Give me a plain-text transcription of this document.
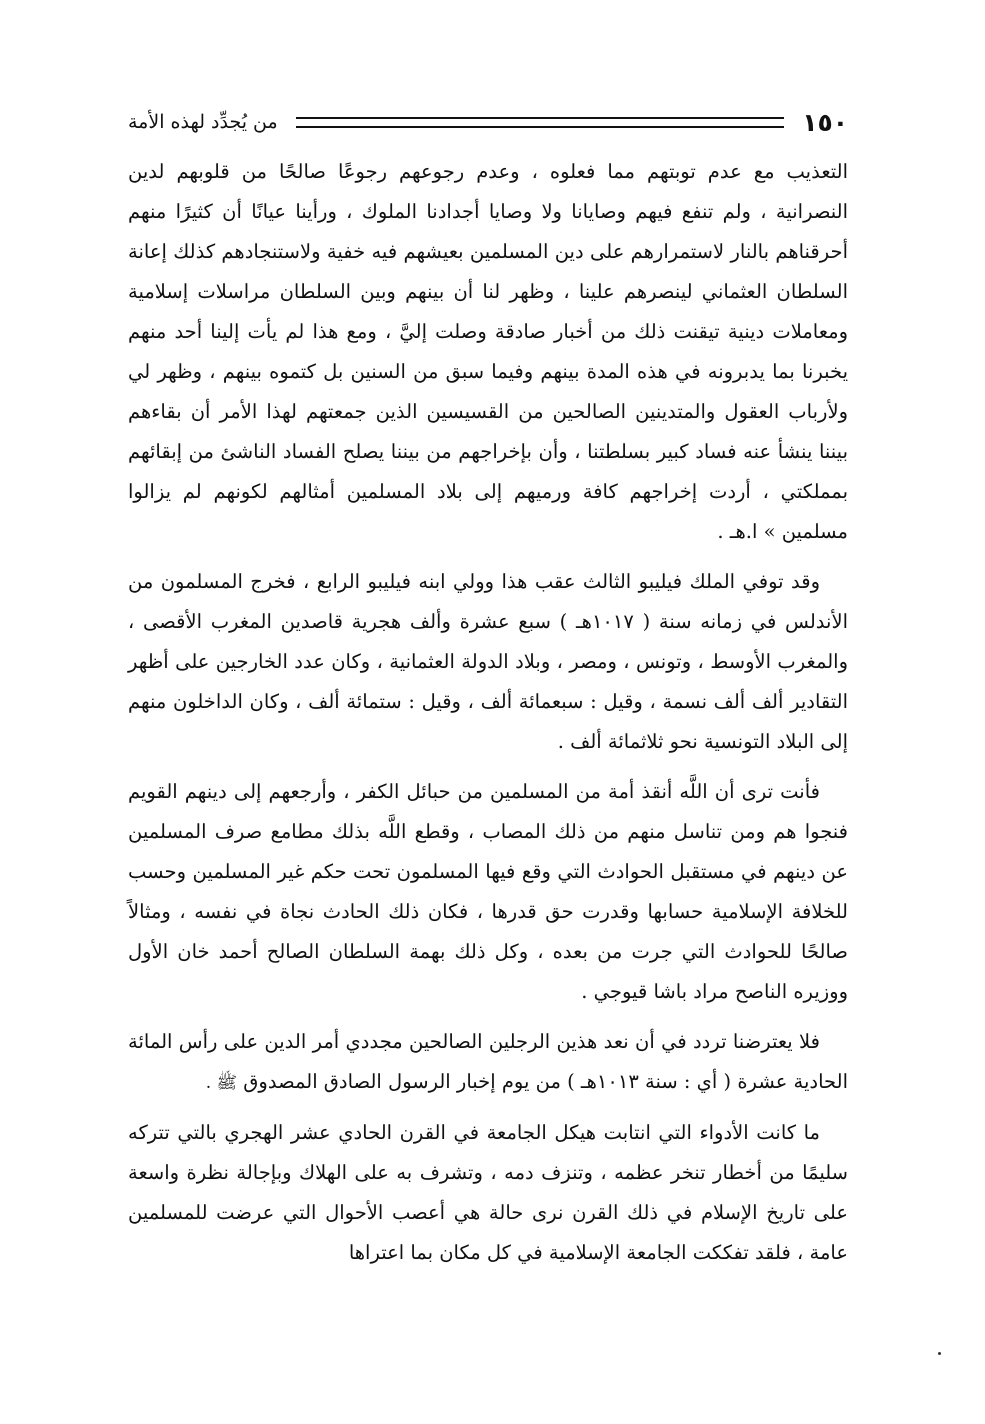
١٥٠
من يُجدِّد لهذه الأمة

التعذيب مع عدم توبتهم مما فعلوه ، وعدم رجوعهم رجوعًا صالحًا من قلوبهم لدين النصرانية ، ولم تنفع فيهم وصايانا ولا وصايا أجدادنا الملوك ، ورأينا عيانًا أن كثيرًا منهم أحرقناهم بالنار لاستمرارهم على دين المسلمين بعيشهم فيه خفية ولاستنجادهم كذلك إعانة السلطان العثماني لينصرهم علينا ، وظهر لنا أن بينهم وبين السلطان مراسلات إسلامية ومعاملات دينية تيقنت ذلك من أخبار صادقة وصلت إليَّ ، ومع هذا لم يأت إلينا أحد منهم يخبرنا بما يدبرونه في هذه المدة بينهم وفيما سبق من السنين بل كتموه بينهم ، وظهر لي ولأرباب العقول والمتدينين الصالحين من القسيسين الذين جمعتهم لهذا الأمر أن بقاءهم بيننا ينشأ عنه فساد كبير بسلطتنا ، وأن بإخراجهم من بيننا يصلح الفساد الناشئ من إبقائهم بمملكتي ، أردت إخراجهم كافة ورميهم إلى بلاد المسلمين أمثالهم لكونهم لم يزالوا مسلمين » ا.هـ .

وقد توفي الملك فيليبو الثالث عقب هذا وولي ابنه فيليبو الرابع ، فخرج المسلمون من الأندلس في زمانه سنة ( ١٠١٧هـ ) سبع عشرة وألف هجرية قاصدين المغرب الأقصى ، والمغرب الأوسط ، وتونس ، ومصر ، وبلاد الدولة العثمانية ، وكان عدد الخارجين على أظهر التقادير ألف ألف نسمة ، وقيل : سبعمائة ألف ، وقيل : ستمائة ألف ، وكان الداخلون منهم إلى البلاد التونسية نحو ثلاثمائة ألف .

فأنت ترى أن اللَّه أنقذ أمة من المسلمين من حبائل الكفر ، وأرجعهم إلى دينهم القويم فنجوا هم ومن تناسل منهم من ذلك المصاب ، وقطع اللَّه بذلك مطامع صرف المسلمين عن دينهم في مستقبل الحوادث التي وقع فيها المسلمون تحت حكم غير المسلمين وحسب للخلافة الإسلامية حسابها وقدرت حق قدرها ، فكان ذلك الحادث نجاة في نفسه ، ومثالاً صالحًا للحوادث التي جرت من بعده ، وكل ذلك بهمة السلطان الصالح أحمد خان الأول ووزيره الناصح مراد باشا قيوجي .

فلا يعترضنا تردد في أن نعد هذين الرجلين الصالحين مجددي أمر الدين على رأس المائة الحادية عشرة ( أي : سنة ١٠١٣هـ ) من يوم إخبار الرسول الصادق المصدوق ﷺ .

ما كانت الأدواء التي انتابت هيكل الجامعة في القرن الحادي عشر الهجري بالتي تتركه سليمًا من أخطار تنخر عظمه ، وتنزف دمه ، وتشرف به على الهلاك وبإجالة نظرة واسعة على تاريخ الإسلام في ذلك القرن نرى حالة هي أعصب الأحوال التي عرضت للمسلمين عامة ، فلقد تفككت الجامعة الإسلامية في كل مكان بما اعتراها
